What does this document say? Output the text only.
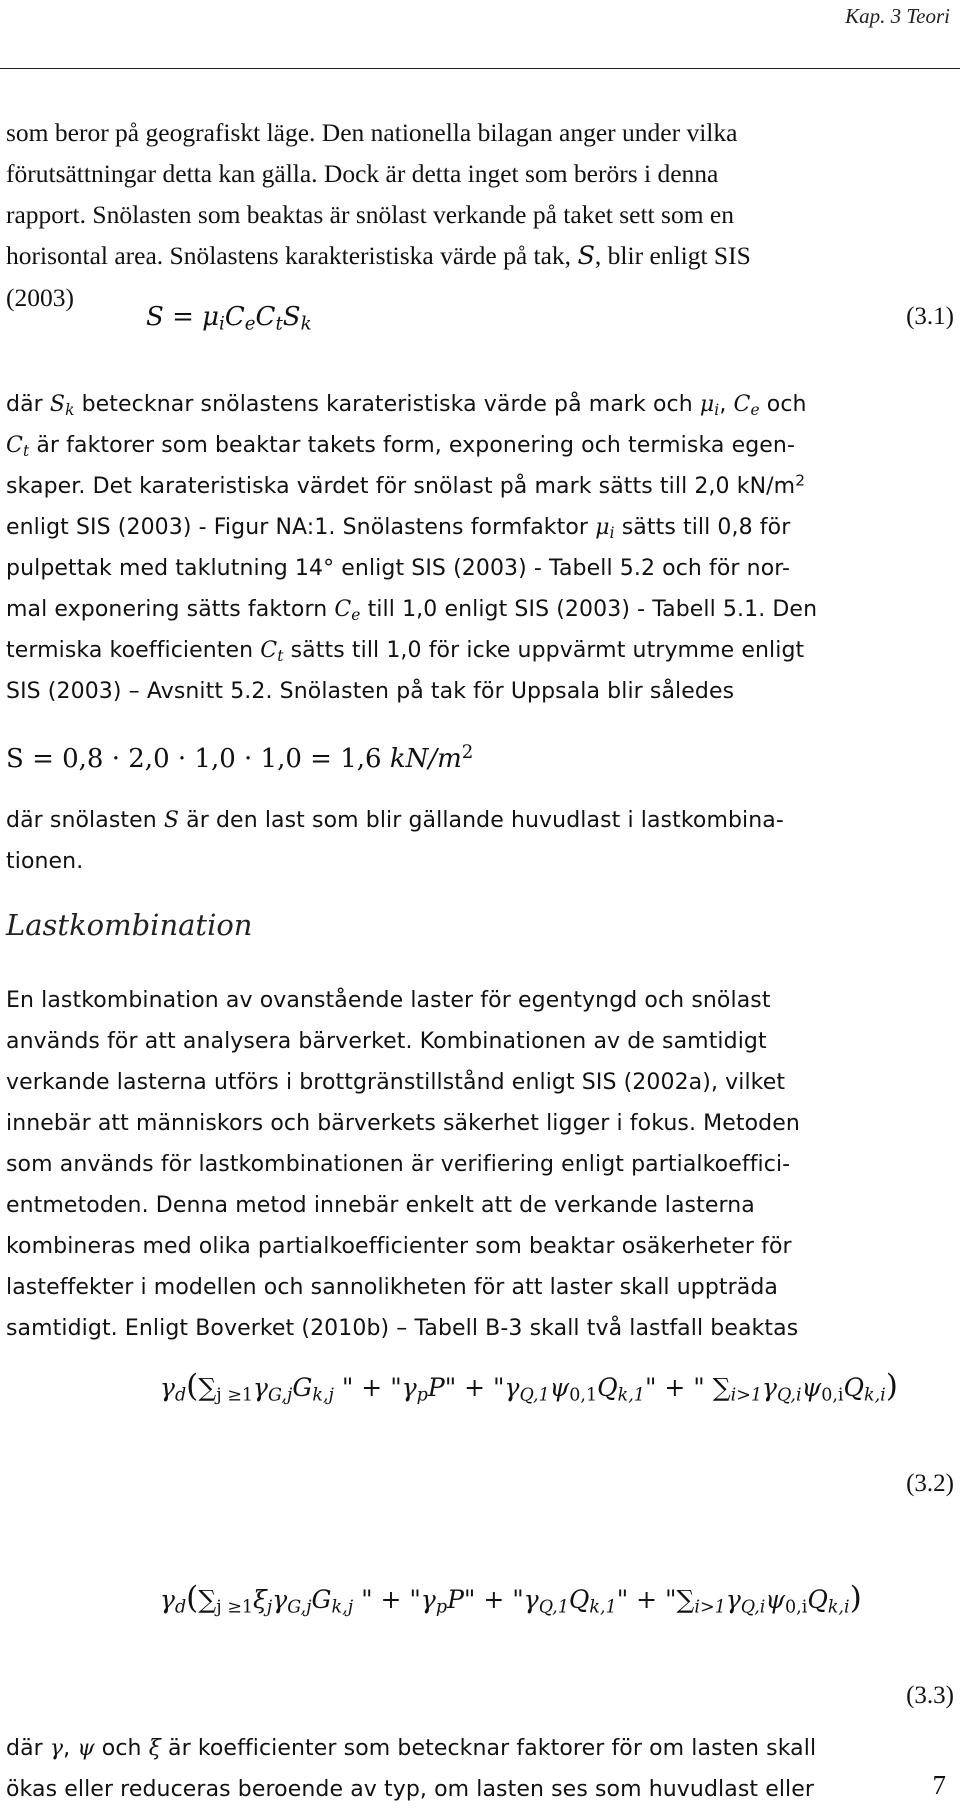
Kap. 3 Teori
som beror på geografiskt läge. Den nationella bilagan anger under vilka
förutsättningar detta kan gälla. Dock är detta inget som berörs i denna
rapport. Snölasten som beaktas är snölast verkande på taket sett som en
horisontal area. Snölastens karakteristiska värde på tak, S, blir enligt SIS
(2003)
$S = \mu_iC_eC_tS_k$	(3.1)
där $S_k$ betecknar snölastens karateristiska värde på mark och $\mu_i$, $C_e$ och
$C_t$ är faktorer som beaktar takets form, exponering och termiska egen-
skaper. Det karateristiska värdet för snölast på mark sätts till 2,0 $kN/m^2$
enligt SIS (2003) - Figur NA:1. Snölastens formfaktor $\mu_i$ sätts till 0,8 för
pulpettak med taklutning 14° enligt SIS (2003) - Tabell 5.2 och för nor-
mal exponering sätts faktorn $C_e$ till 1,0 enligt SIS (2003) - Tabell 5.1. Den
termiska koefficienten $C_t$ sätts till 1,0 för icke uppvärmt utrymme enligt
SIS (2003) – Avsnitt 5.2. Snölasten på tak för Uppsala blir således
S = 0,8 · 2,0 · 1,0 · 1,0 = 1,6 $kN/m^2$
där snölasten S är den last som blir gällande huvudlast i lastkombina-
tionen.
Lastkombination
En lastkombination av ovanstående laster för egentyngd och snölast
används för att analysera bärverket. Kombinationen av de samtidigt
verkande lasterna utförs i brottgränstillstånd enligt SIS (2002a), vilket
innebär att människors och bärverkets säkerhet ligger i fokus. Metoden
som används för lastkombinationen är verifiering enligt partialkoeffici-
entmetoden. Denna metod innebär enkelt att de verkande lasterna
kombineras med olika partialkoefficienter som beaktar osäkerheter för
lasteffekter i modellen och sannolikheten för att laster skall uppträda
samtidigt. Enligt Boverket (2010b) – Tabell B-3 skall två lastfall beaktas
$\gamma_d(\sum_{j \ge 1}\gamma_{G,j}G_{k,j}$ " + "$\gamma_pP$" + "$\gamma_{Q,1}\psi_{0,1}Q_{k,1}$" + " $\sum_{i>1}\gamma_{Q,i}\psi_{0,i}Q_{k,i}$)
(3.2)
$\gamma_d(\sum_{j \ge 1}\xi_j\gamma_{G,j}G_{k,j}$ " + "$\gamma_pP$" + "$\gamma_{Q,1}Q_{k,1}$" + "$\sum_{i>1}\gamma_{Q,i}\psi_{0,i}Q_{k,i}$)
(3.3)
där γ, ψ och ξ är koefficienter som betecknar faktorer för om lasten skall
ökas eller reduceras beroende av typ, om lasten ses som huvudlast eller	7
